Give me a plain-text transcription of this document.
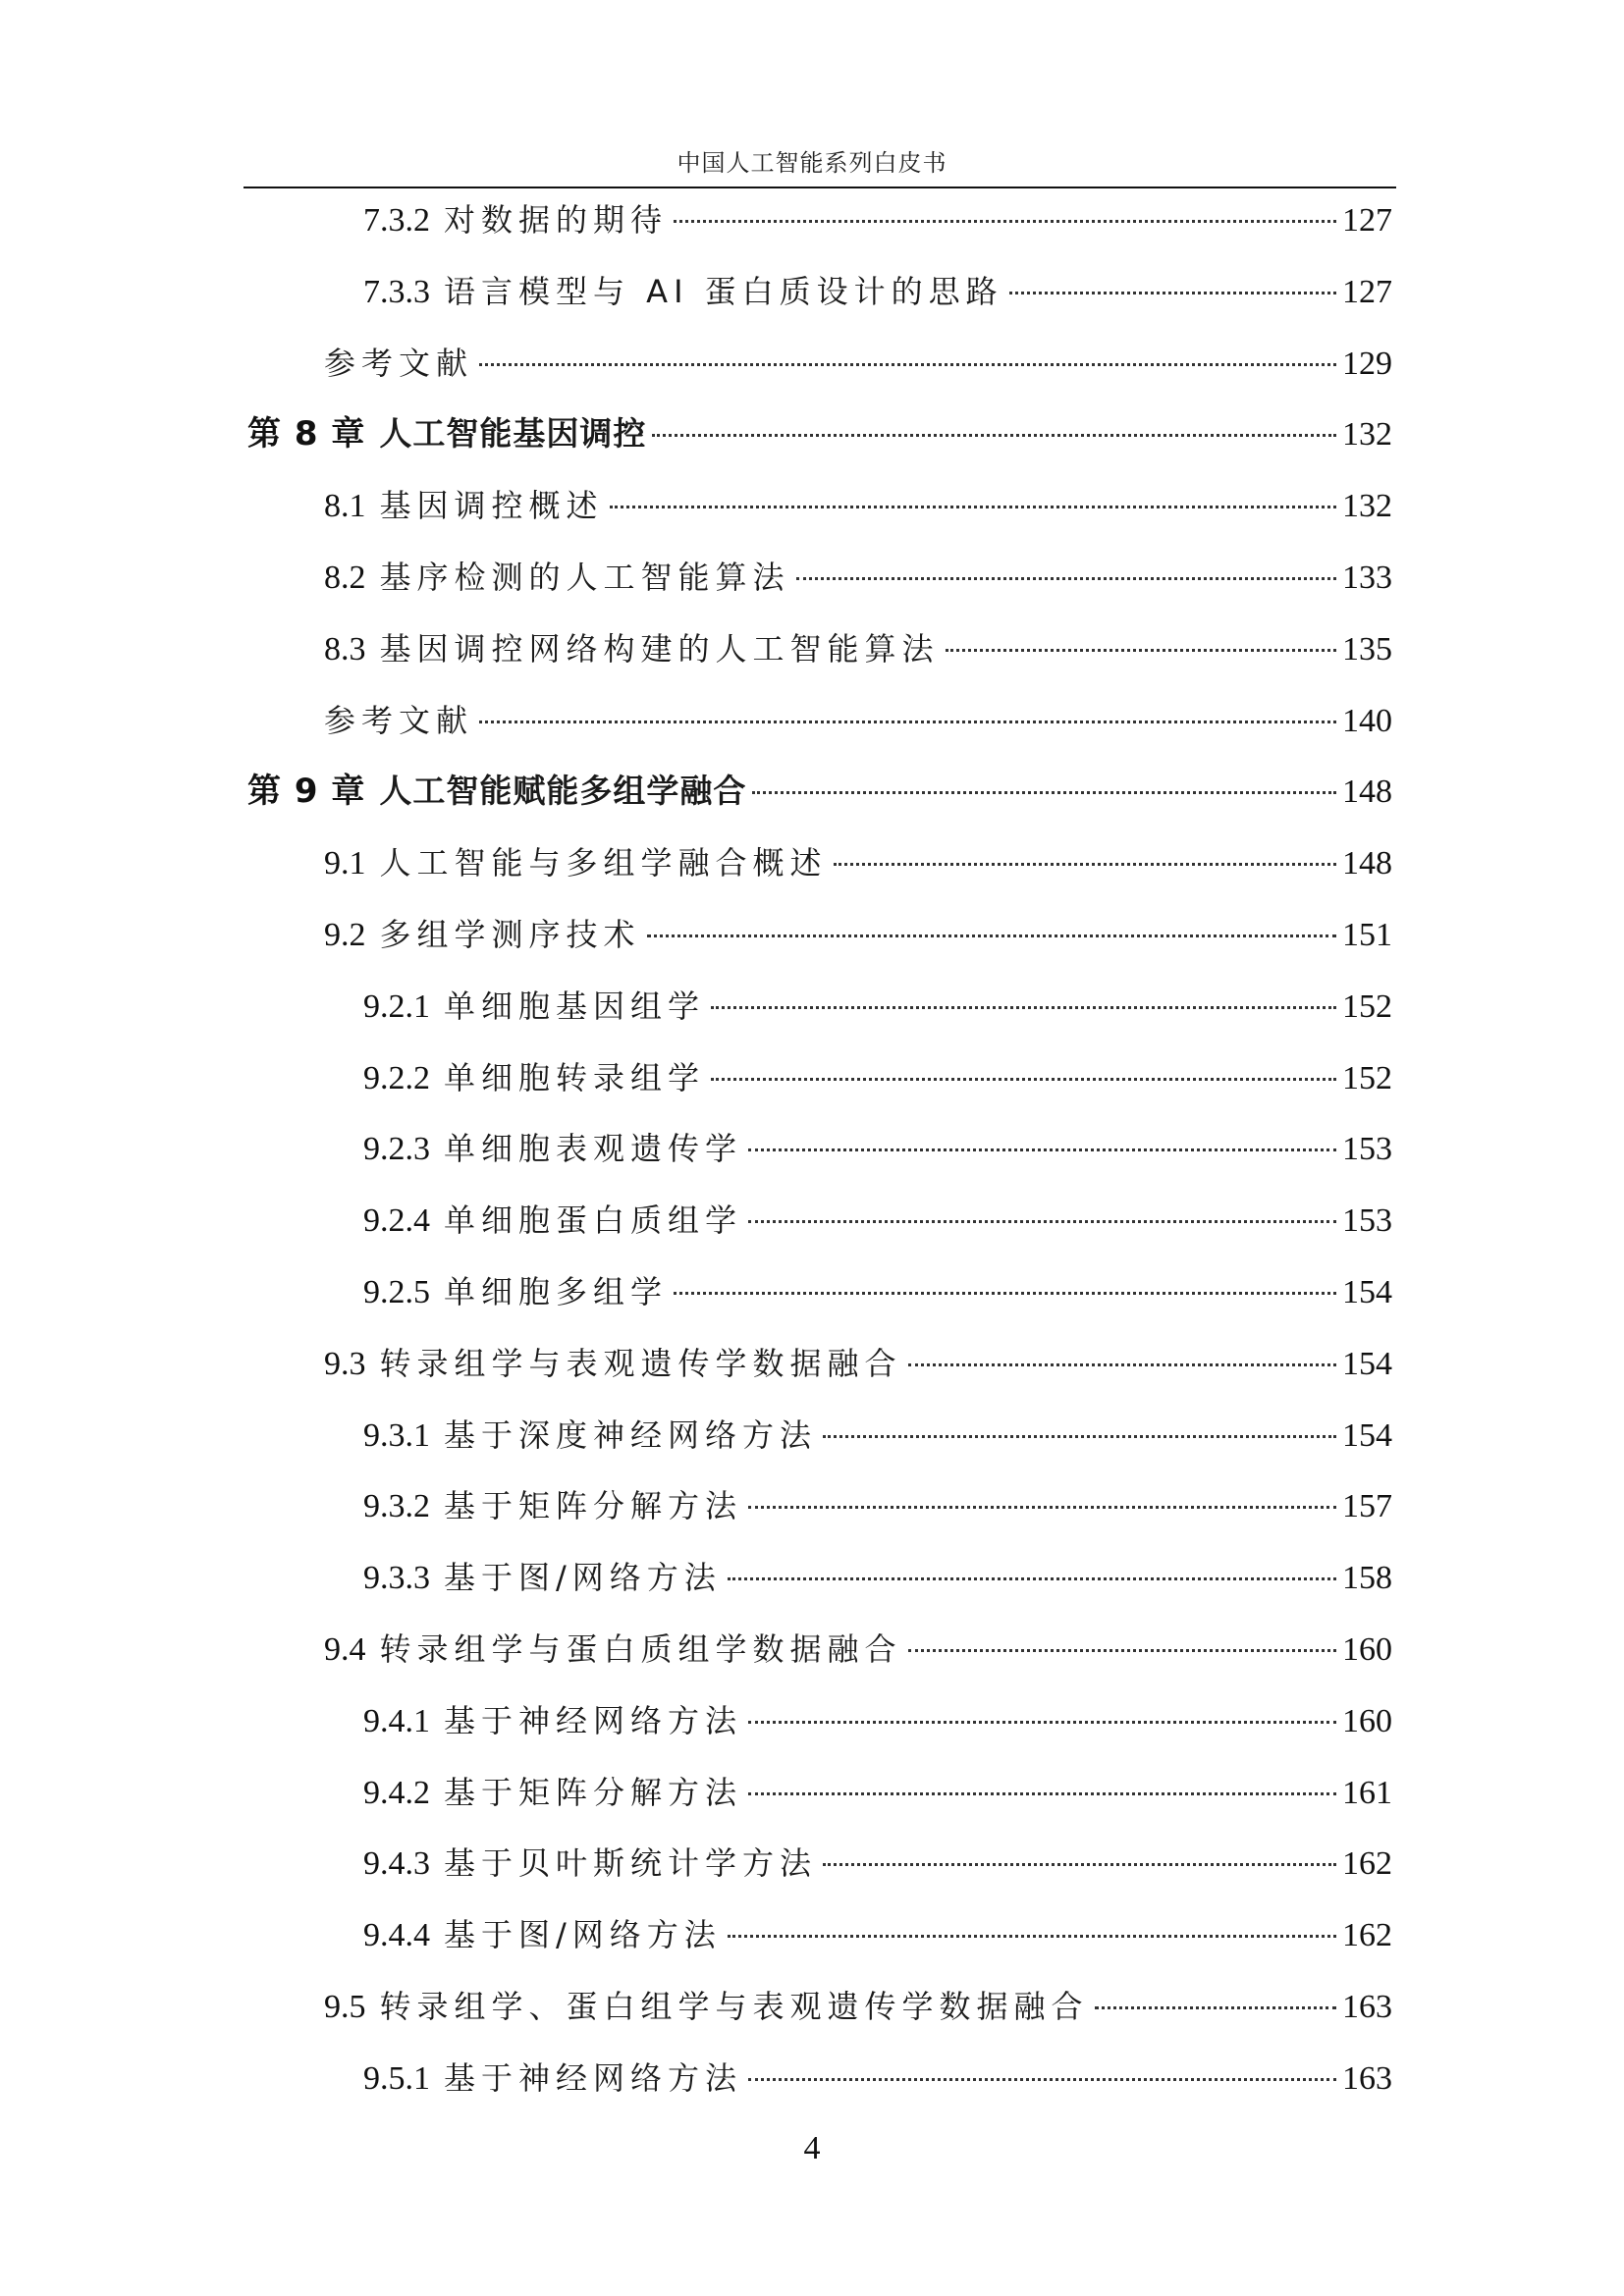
中国人工智能系列白皮书
7.3.2 对数据的期待	127
7.3.3 语言模型与 AI 蛋白质设计的思路	127
参考文献	129
第 8 章 人工智能基因调控	132
8.1 基因调控概述	132
8.2 基序检测的人工智能算法	133
8.3 基因调控网络构建的人工智能算法	135
参考文献	140
第 9 章 人工智能赋能多组学融合	148
9.1 人工智能与多组学融合概述	148
9.2 多组学测序技术	151
9.2.1 单细胞基因组学	152
9.2.2 单细胞转录组学	152
9.2.3 单细胞表观遗传学	153
9.2.4 单细胞蛋白质组学	153
9.2.5 单细胞多组学	154
9.3 转录组学与表观遗传学数据融合	154
9.3.1 基于深度神经网络方法	154
9.3.2 基于矩阵分解方法	157
9.3.3 基于图/网络方法	158
9.4 转录组学与蛋白质组学数据融合	160
9.4.1 基于神经网络方法	160
9.4.2 基于矩阵分解方法	161
9.4.3 基于贝叶斯统计学方法	162
9.4.4 基于图/网络方法	162
9.5 转录组学、蛋白组学与表观遗传学数据融合	163
9.5.1 基于神经网络方法	163
4
